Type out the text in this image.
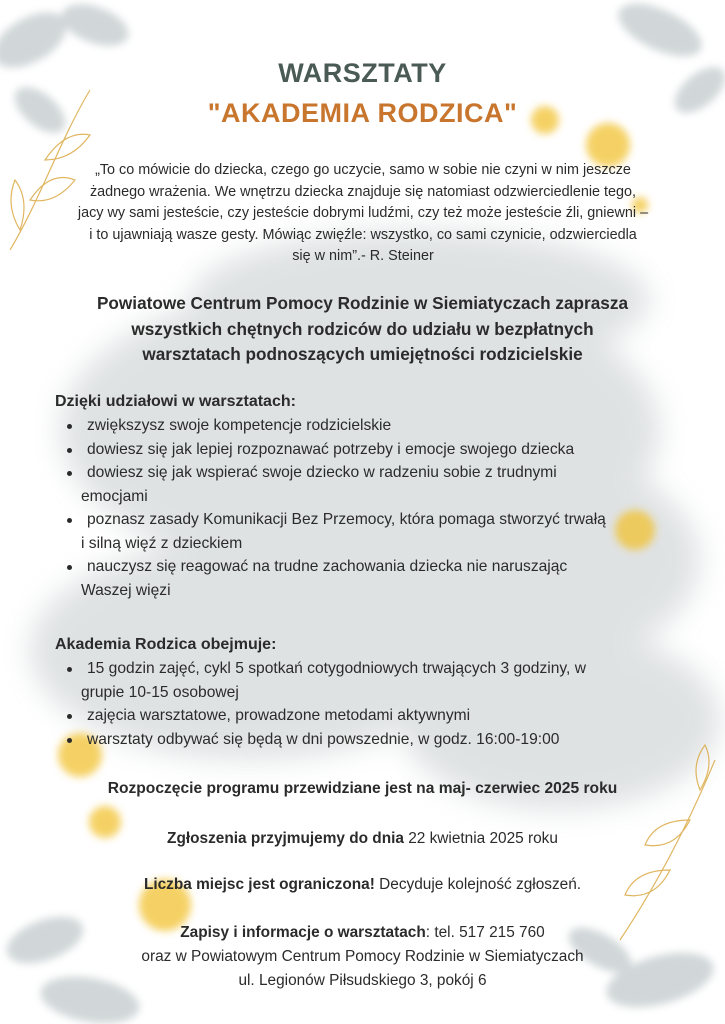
WARSZTATY
"AKADEMIA RODZICA"
„To co mówicie do dziecka, czego go uczycie, samo w sobie nie czyni w nim jeszcze
żadnego wrażenia. We wnętrzu dziecka znajduje się natomiast odzwierciedlenie tego,
jacy wy sami jesteście, czy jesteście dobrymi ludźmi, czy też może jesteście źli, gniewni –
i to ujawniają wasze gesty. Mówiąc zwięźle: wszystko, co sami czynicie, odzwierciedla
się w nim”.- R. Steiner
Powiatowe Centrum Pomocy Rodzinie w Siemiatyczach zaprasza
wszystkich chętnych rodziców do udziału w bezpłatnych
warsztatach podnoszących umiejętności rodzicielskie
Dzięki udziałowi w warsztatach:
zwiększysz swoje kompetencje rodzicielskie
dowiesz się jak lepiej rozpoznawać potrzeby i emocje swojego dziecka
dowiesz się jak wspierać swoje dziecko w radzeniu sobie z trudnymi
emocjami
poznasz zasady Komunikacji Bez Przemocy, która pomaga stworzyć trwałą
i silną więź z dzieckiem
nauczysz się reagować na trudne zachowania dziecka nie naruszając
Waszej więzi
Akademia Rodzica obejmuje:
15 godzin zajęć, cykl 5 spotkań cotygodniowych trwających 3 godziny, w
grupie 10-15 osobowej
zajęcia warsztatowe, prowadzone metodami aktywnymi
warsztaty odbywać się będą w dni powszednie, w godz. 16:00-19:00
Rozpoczęcie programu przewidziane jest na maj- czerwiec 2025 roku
Zgłoszenia przyjmujemy do dnia 22 kwietnia 2025 roku
Liczba miejsc jest ograniczona! Decyduje kolejność zgłoszeń.
Zapisy i informacje o warsztatach: tel. 517 215 760
oraz w Powiatowym Centrum Pomocy Rodzinie w Siemiatyczach
ul. Legionów Piłsudskiego 3, pokój 6
